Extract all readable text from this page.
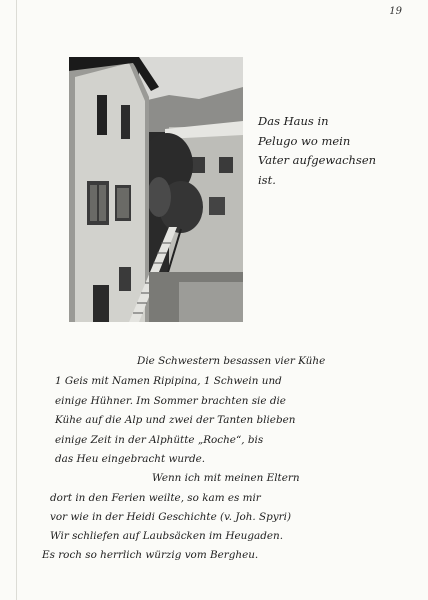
19
Das Haus in
Pelugo wo mein
Vater aufgewachsen
ist.
Die Schwestern besassen vier Kühe
1 Geis mit Namen Ripipina, 1 Schwein und
einige Hühner. Im Sommer brachten sie die
Kühe auf die Alp und zwei der Tanten blieben
einige Zeit in der Alphütte „Roche“, bis
das Heu eingebracht wurde.
Wenn ich mit meinen Eltern
dort in den Ferien weilte, so kam es mir
vor wie in der Heidi Geschichte (v. Joh. Spyri)
Wir schliefen auf Laubsäcken im Heugaden.
Es roch so herrlich würzig vom Bergheu.
